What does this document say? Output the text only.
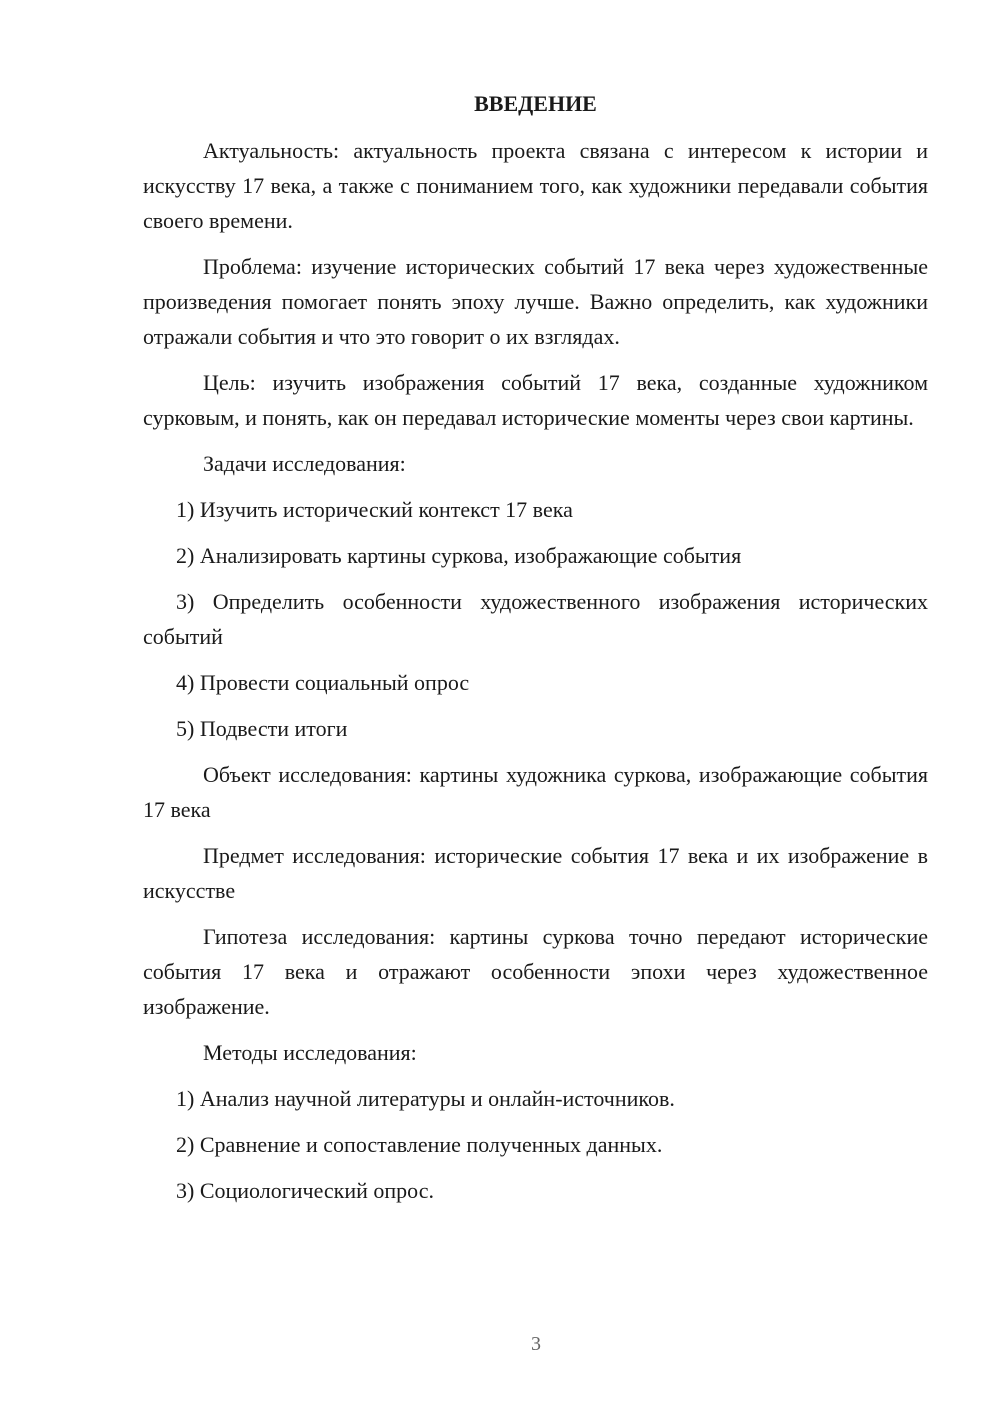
ВВЕДЕНИЕ

Актуальность: актуальность проекта связана с интересом к истории и искусству 17 века, а также с пониманием того, как художники передавали события своего времени.

Проблема: изучение исторических событий 17 века через художественные произведения помогает понять эпоху лучше. Важно определить, как художники отражали события и что это говорит о их взглядах.

Цель: изучить изображения событий 17 века, созданные художником сурковым, и понять, как он передавал исторические моменты через свои картины.

Задачи исследования:

1) Изучить исторический контекст 17 века

2) Анализировать картины суркова, изображающие события

3) Определить особенности художественного изображения исторических событий

4) Провести социальный опрос

5) Подвести итоги

Объект исследования: картины художника суркова, изображающие события 17 века

Предмет исследования: исторические события 17 века и их изображение в искусстве

Гипотеза исследования: картины суркова точно передают исторические события 17 века и отражают особенности эпохи через художественное изображение.

Методы исследования:

1) Анализ научной литературы и онлайн-источников.

2) Сравнение и сопоставление полученных данных.

3) Социологический опрос.

3
